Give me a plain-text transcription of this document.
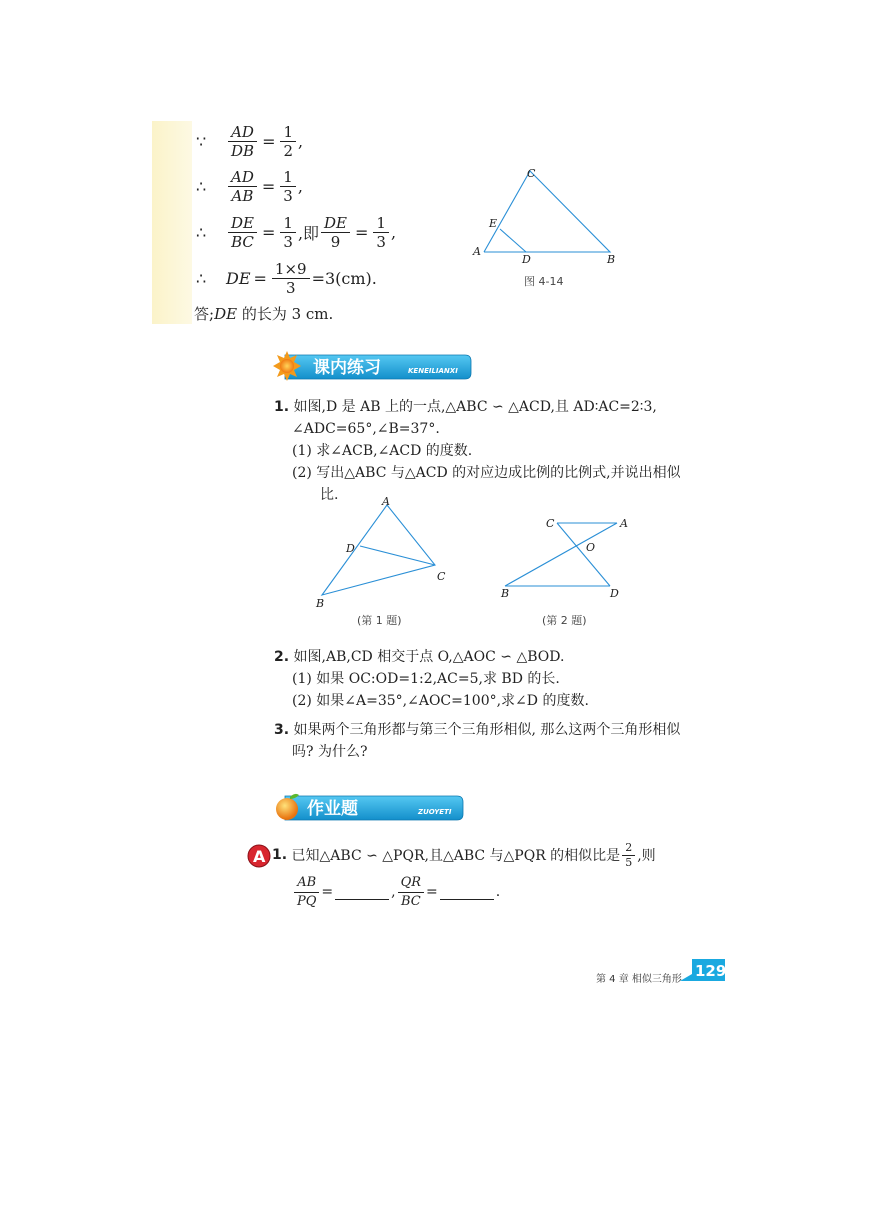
∵	$\frac{AD}{DB} = \frac{1}{2}$ ,
∴	$\frac{AD}{AB} = \frac{1}{3}$ ,
∴	$\frac{DE}{BC} = \frac{1}{3}$ ,即 $\frac{DE}{9} = \frac{1}{3}$ ,
∴	DE = $\frac{1\times 9}{3} =3(cm)$.
答;DE 的长为 3 cm.
C
E
A
D	B
图 4-14
课内练习	KENEILIANXI
1. 如图,D 是 AB 上的一点,△ABC ∽ △ACD,且 AD∶AC=2∶3,
∠ADC=65°,∠B=37°.
(1) 求∠ACB,∠ACD 的度数.
(2) 写出△ABC 与△ACD 的对应边成比例的比例式,并说出相似
比.	A
D
C
B
(第 1 题)
C	A
O
B	D
(第 2 题)
2. 如图,AB,CD 相交于点 O,△AOC ∽ △BOD.
(1) 如果 OC:OD=1:2,AC=5,求 BD 的长.
(2) 如果∠A=35°,∠AOC=100°,求∠D 的度数.
3. 如果两个三角形都与第三个三角形相似, 那么这两个三角形相似
吗? 为什么?
作业题	ZUOYETI
A 1.
已知△ABC ∽ △PQR,且△ABC 与△PQR 的相似比是 $\frac{2}{5}$ ,则
$\frac{AB}{PQ}$ =	, $\frac{QR}{BC}$ =	.
第 4 章 相似三角形 129
